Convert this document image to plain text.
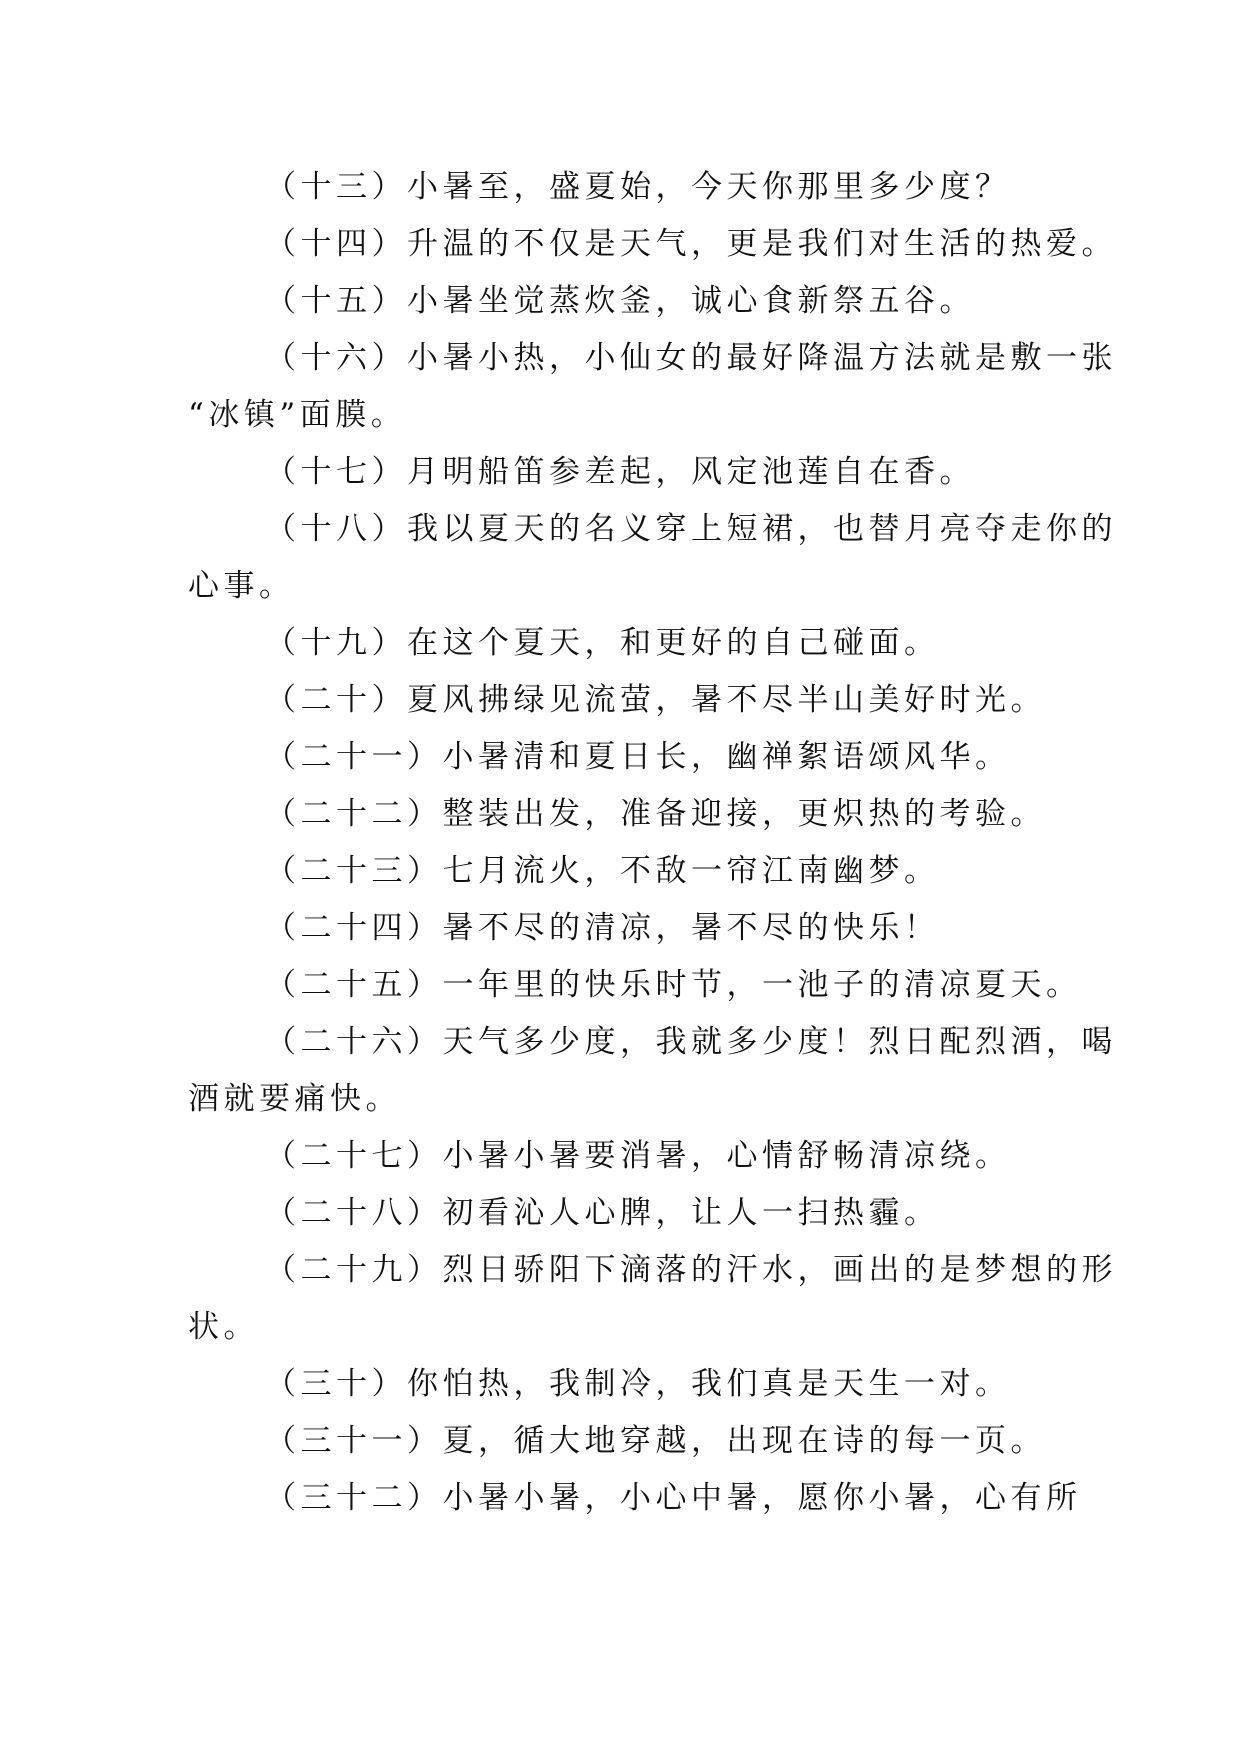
（十三）小暑至，盛夏始，今天你那里多少度？
（十四）升温的不仅是天气，更是我们对生活的热爱。
（十五）小暑坐觉蒸炊釜，诚心食新祭五谷。
（十六）小暑小热，小仙女的最好降温方法就是敷一张
“冰镇”面膜。
（十七）月明船笛参差起，风定池莲自在香。
（十八）我以夏天的名义穿上短裙，也替月亮夺走你的
心事。
（十九）在这个夏天，和更好的自己碰面。
（二十）夏风拂绿见流萤，暑不尽半山美好时光。
（二十一）小暑清和夏日长，幽禅絮语颂风华。
（二十二）整装出发，准备迎接，更炽热的考验。
（二十三）七月流火，不敌一帘江南幽梦。
（二十四）暑不尽的清凉，暑不尽的快乐！
（二十五）一年里的快乐时节，一池子的清凉夏天。
（二十六）天气多少度，我就多少度！烈日配烈酒，喝
酒就要痛快。
（二十七）小暑小暑要消暑，心情舒畅清凉绕。
（二十八）初看沁人心脾，让人一扫热霾。
（二十九）烈日骄阳下滴落的汗水，画出的是梦想的形
状。
（三十）你怕热，我制冷，我们真是天生一对。
（三十一）夏，循大地穿越，出现在诗的每一页。
（三十二）小暑小暑，小心中暑，愿你小暑，心有所
